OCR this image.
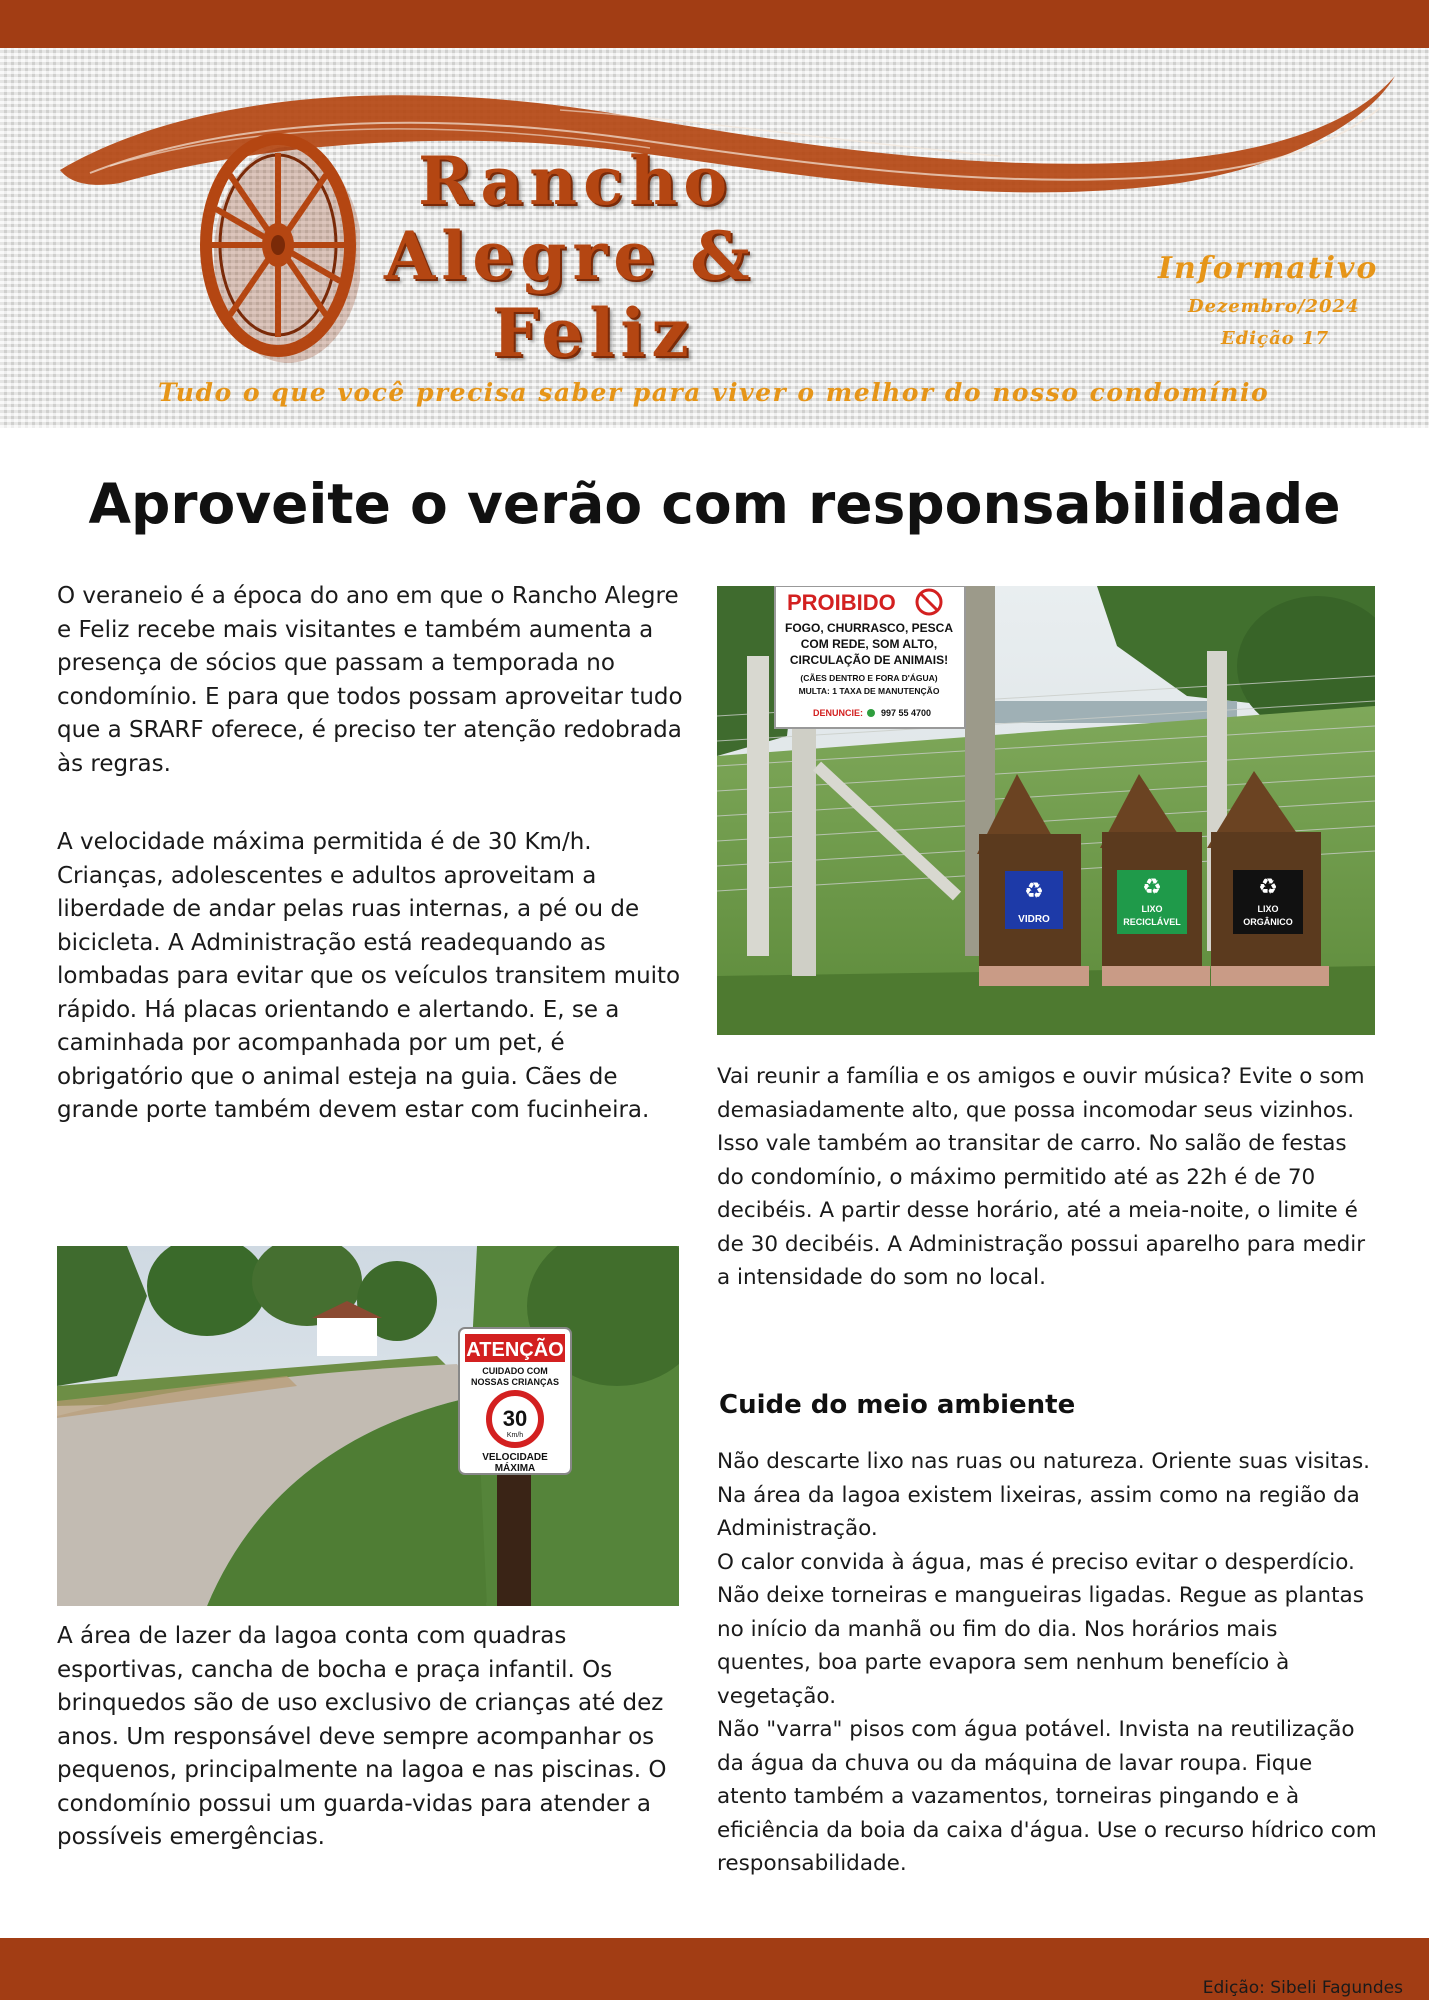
Rancho
Alegre &
Feliz
Informativo
Dezembro/2024
Edição 17
Tudo o que você precisa saber para viver o melhor do nosso condomínio
Aproveite o verão com responsabilidade

O veraneio é a época do ano em que o Rancho Alegre e Feliz recebe mais visitantes e também aumenta a presença de sócios que passam a temporada no condomínio. E para que todos possam aproveitar tudo que a SRARF oferece, é preciso ter atenção redobrada às regras.

A velocidade máxima permitida é de 30 Km/h. Crianças, adolescentes e adultos aproveitam a liberdade de andar pelas ruas internas, a pé ou de bicicleta. A Administração está readequando as lombadas para evitar que os veículos transitem muito rápido. Há placas orientando e alertando. E, se a caminhada por acompanhada por um pet, é obrigatório que o animal esteja na guia. Cães de grande porte também devem estar com fucinheira.

A área de lazer da lagoa conta com quadras esportivas, cancha de bocha e praça infantil. Os brinquedos são de uso exclusivo de crianças até dez anos. Um responsável deve sempre acompanhar os pequenos, principalmente na lagoa e nas piscinas. O condomínio possui um guarda-vidas para atender a possíveis emergências.

PROIBIDO
FOGO, CHURRASCO, PESCA
COM REDE, SOM ALTO,
CIRCULAÇÃO DE ANIMAIS!
(CÃES DENTRO E FORA D'ÁGUA)
MULTA: 1 TAXA DE MANUTENÇÃO
DENUNCIE: 997 55 4700
♻
VIDRO
♻
LIXO
RECICLÁVEL
♻
LIXO
ORGÂNICO
ATENÇÃO
CUIDADO COM
NOSSAS CRIANÇAS
30
Km/h
VELOCIDADE
MÁXIMA

Vai reunir a família e os amigos e ouvir música? Evite o som demasiadamente alto, que possa incomodar seus vizinhos. Isso vale também ao transitar de carro. No salão de festas do condomínio, o máximo permitido até as 22h é de 70 decibéis. A partir desse horário, até a meia-noite, o limite é de 30 decibéis. A Administração possui aparelho para medir a intensidade do som no local.

Cuide do meio ambiente

Não descarte lixo nas ruas ou natureza. Oriente suas visitas. Na área da lagoa existem lixeiras, assim como na região da Administração.
O calor convida à água, mas é preciso evitar o desperdício. Não deixe torneiras e mangueiras ligadas. Regue as plantas no início da manhã ou fim do dia. Nos horários mais quentes, boa parte evapora sem nenhum benefício à vegetação.
Não "varra" pisos com água potável. Invista na reutilização da água da chuva ou da máquina de lavar roupa. Fique atento também a vazamentos, torneiras pingando e à eficiência da boia da caixa d'água. Use o recurso hídrico com responsabilidade.

Edição: Sibeli Fagundes
